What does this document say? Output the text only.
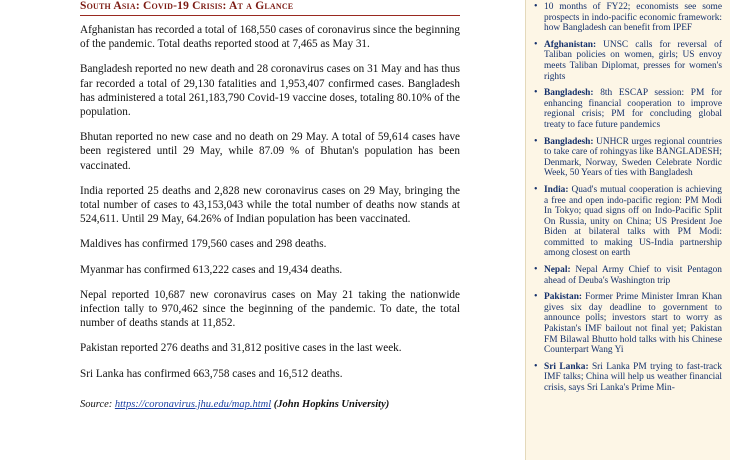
South Asia: Covid-19 Crisis: At a Glance

Afghanistan has recorded a total of 168,550 cases of coronavirus since the beginning of the pandemic. Total deaths reported stood at 7,465 as May 31.

Bangladesh reported no new death and 28 coronavirus cases on 31 May and has thus far recorded a total of 29,130 fatalities and 1,953,407 confirmed cases. Bangladesh has administered a total 261,183,790 Covid-19 vaccine doses, totaling 80.10% of the population.

Bhutan reported no new case and no death on 29 May. A total of 59,614 cases have been registered until 29 May, while 87.09 % of Bhutan's population has been vaccinated.

India reported 25 deaths and 2,828 new coronavirus cases on 29 May, bringing the total number of cases to 43,153,043 while the total number of deaths now stands at 524,611. Until 29 May, 64.26% of Indian population has been vaccinated.

Maldives has confirmed 179,560 cases and 298 deaths.

Myanmar has confirmed 613,222 cases and 19,434 deaths.

Nepal reported 10,687 new coronavirus cases on May 21 taking the nationwide infection tally to 970,462 since the beginning of the pandemic. To date, the total number of deaths stands at 11,852.

Pakistan reported 276 deaths and 31,812 positive cases in the last week.

Sri Lanka has confirmed 663,758 cases and 16,512 deaths.

Source: https://coronavirus.jhu.edu/map.html (John Hopkins University)
• 10 months of FY22; economists see some prospects in indo-pacific economic framework: how Bangladesh can benefit from IPEF
• Afghanistan: UNSC calls for reversal of Taliban policies on women, girls; US envoy meets Taliban Diplomat, presses for women's rights
• Bangladesh: 8th ESCAP session: PM for enhancing financial cooperation to improve regional crisis; PM for concluding global treaty to face future pandemics
• Bangladesh: UNHCR urges regional countries to take care of rohingyas like BANGLADESH; Denmark, Norway, Sweden Celebrate Nordic Week, 50 Years of ties with Bangladesh
• India: Quad's mutual cooperation is achieving a free and open indo-pacific region: PM Modi In Tokyo; quad signs off on Indo-Pacific Split On Russia, unity on China; US President Joe Biden at bilateral talks with PM Modi: committed to making US-India partnership among closest on earth
• Nepal: Nepal Army Chief to visit Pentagon ahead of Deuba's Washington trip
• Pakistan: Former Prime Minister Imran Khan gives six day deadline to government to announce polls; investors start to worry as Pakistan's IMF bailout not final yet; Pakistan FM Bilawal Bhutto hold talks with his Chinese Counterpart Wang Yi
• Sri Lanka: Sri Lanka PM trying to fast-track IMF talks; China will help us weather financial crisis, says Sri Lanka's Prime Min-
